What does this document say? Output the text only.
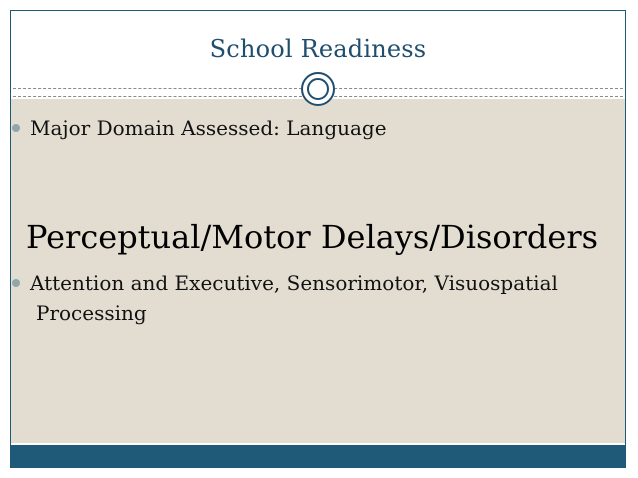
School Readiness
Major Domain Assessed: Language
Perceptual/Motor Delays/Disorders
Attention and Executive, Sensorimotor, Visuospatial
Processing
